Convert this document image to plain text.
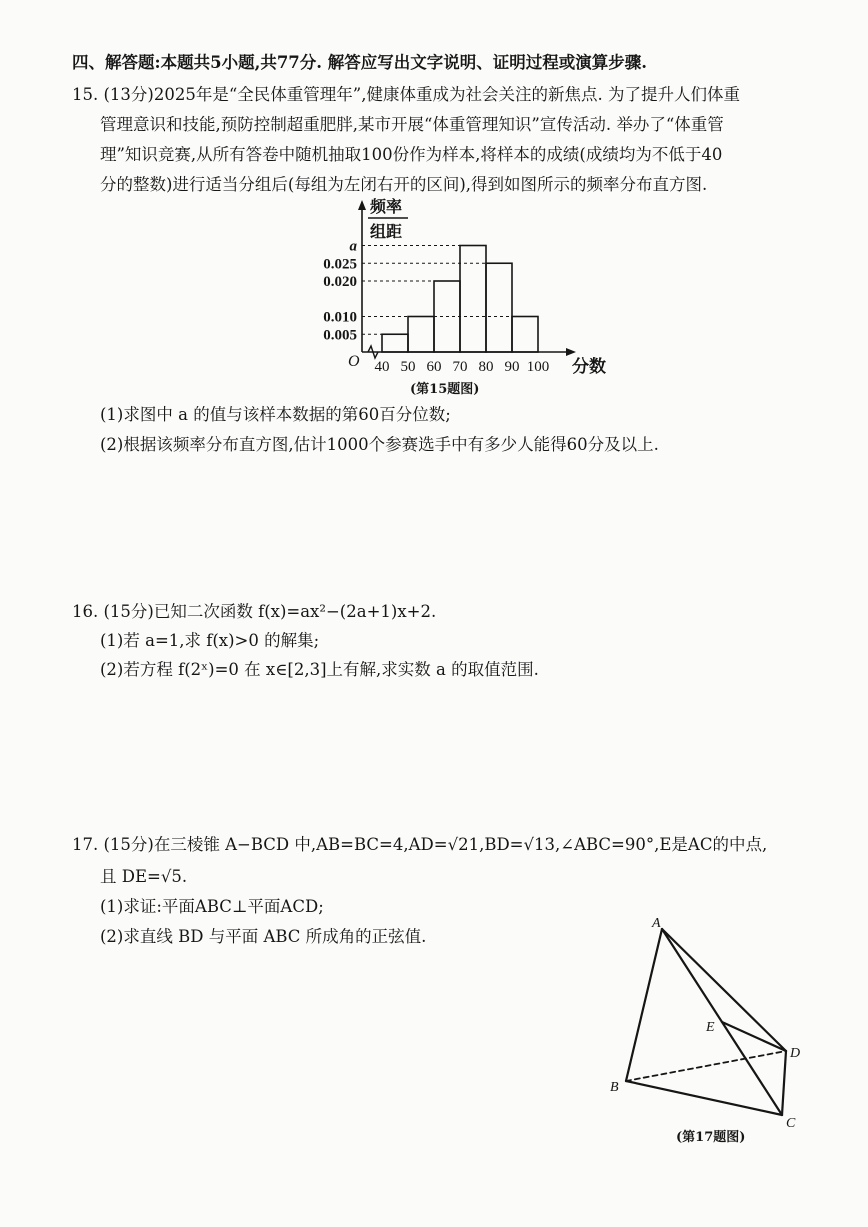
四、解答题:本题共5小题,共77分. 解答应写出文字说明、证明过程或演算步骤.
15. (13分)2025年是“全民体重管理年”,健康体重成为社会关注的新焦点. 为了提升人们体重
管理意识和技能,预防控制超重肥胖,某市开展“体重管理知识”宣传活动. 举办了“体重管
理”知识竞赛,从所有答卷中随机抽取100份作为样本,将样本的成绩(成绩均为不低于40
分的整数)进行适当分组后(每组为左闭右开的区间),得到如图所示的频率分布直方图.
40 50 60 70 80 90 100
O
0.005
0.010
0.020
0.025
a
频率
组距
分数
(第15题图)
(1)求图中 a 的值与该样本数据的第60百分位数;
(2)根据该频率分布直方图,估计1000个参赛选手中有多少人能得60分及以上.
16. (15分)已知二次函数 f(x)=ax²−(2a+1)x+2.
(1)若 a=1,求 f(x)>0 的解集;
(2)若方程 f(2ˣ)=0 在 x∈[2,3]上有解,求实数 a 的取值范围.
17. (15分)在三棱锥 A−BCD 中,AB=BC=4,AD=√21,BD=√13,∠ABC=90°,E是AC的中点,
且 DE=√5.
(1)求证:平面ABC⊥平面ACD;
(2)求直线 BD 与平面 ABC 所成角的正弦值.
A
B
C
D
E
(第17题图)
